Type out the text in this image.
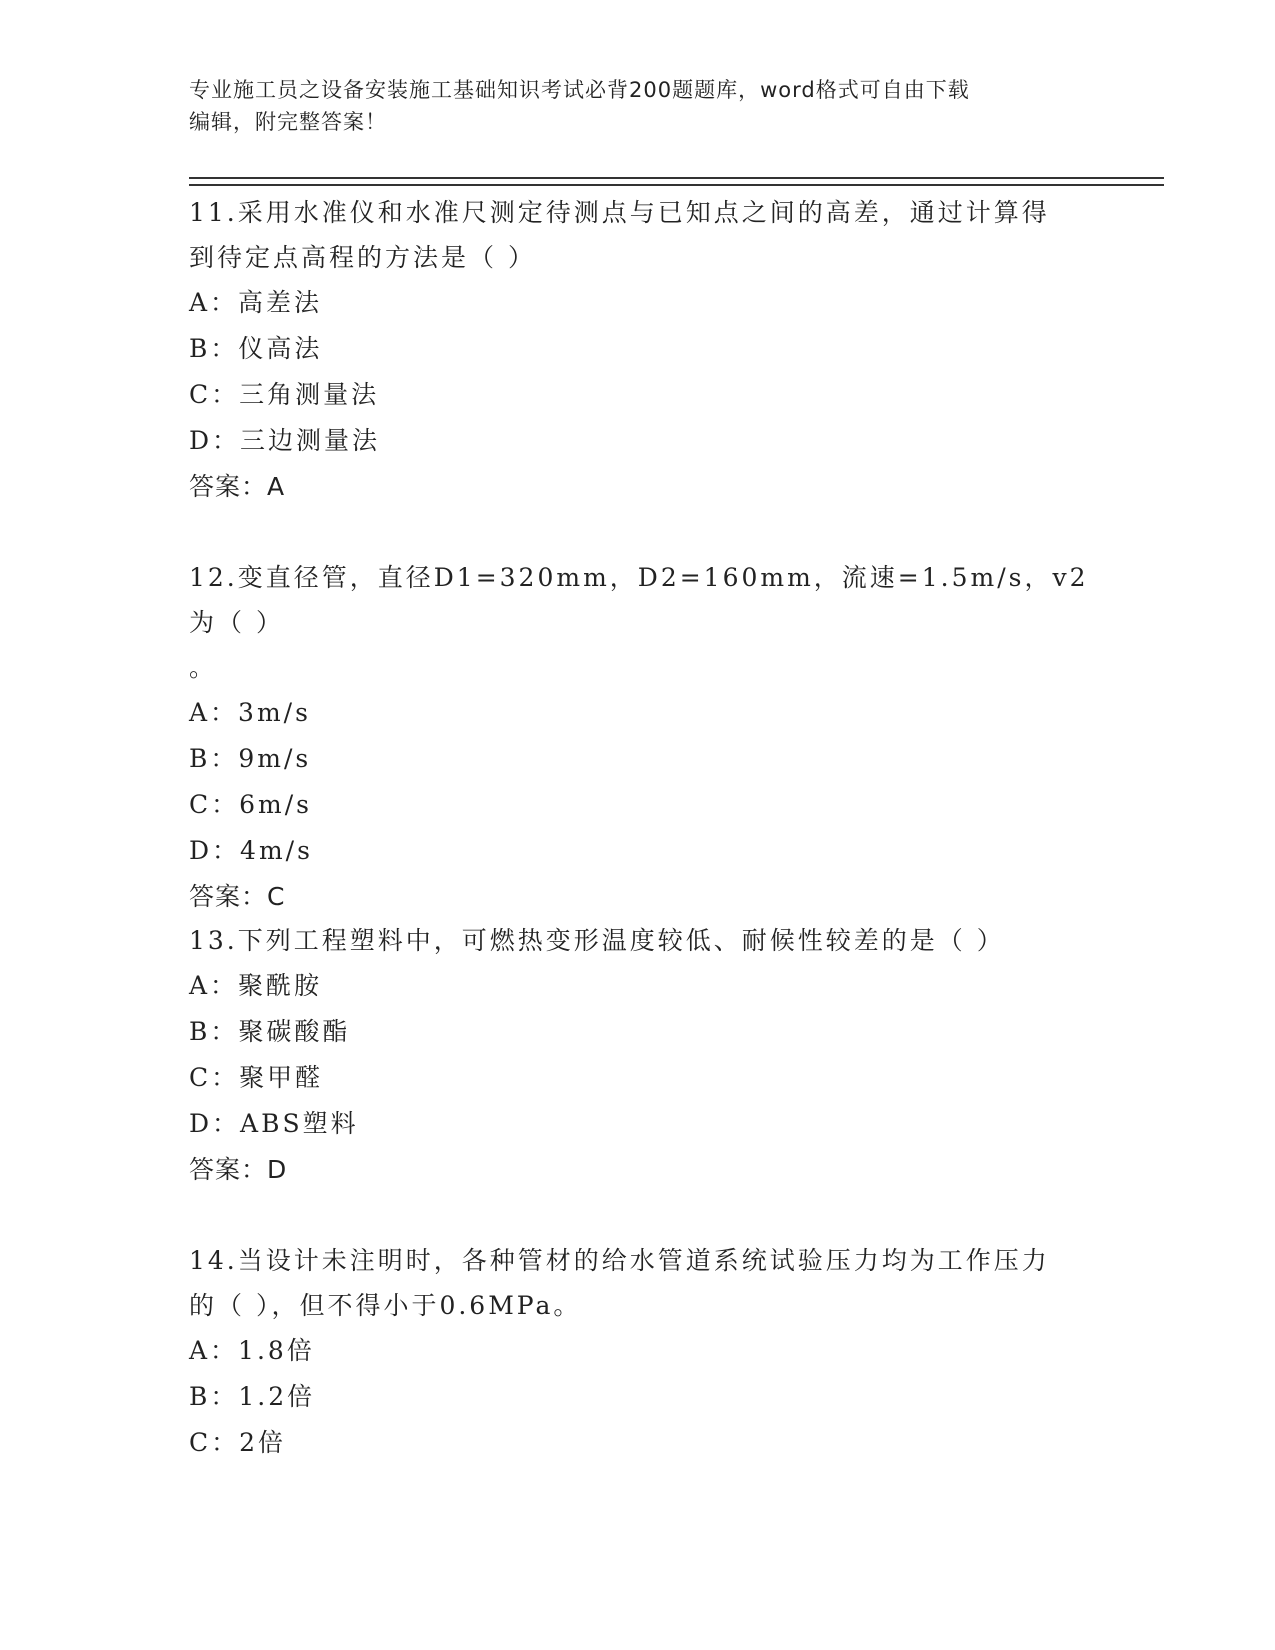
专业施工员之设备安装施工基础知识考试必背200题题库，word格式可自由下载
编辑，附完整答案！
11.采用水准仪和水准尺测定待测点与已知点之间的高差，通过计算得
到待定点高程的方法是（ ）
A：高差法
B：仪高法
C：三角测量法
D：三边测量法
答案：A
12.变直径管，直径D1=320mm，D2=160mm，流速=1.5m/s，v2为（ ）
。
A：3m/s
B：9m/s
C：6m/s
D：4m/s
答案：C
13.下列工程塑料中，可燃热变形温度较低、耐候性较差的是（ ）
A：聚酰胺
B：聚碳酸酯
C：聚甲醛
D：ABS塑料
答案：D
14.当设计未注明时，各种管材的给水管道系统试验压力均为工作压力
的（ ），但不得小于0.6MPa。
A：1.8倍
B：1.2倍
C：2倍
